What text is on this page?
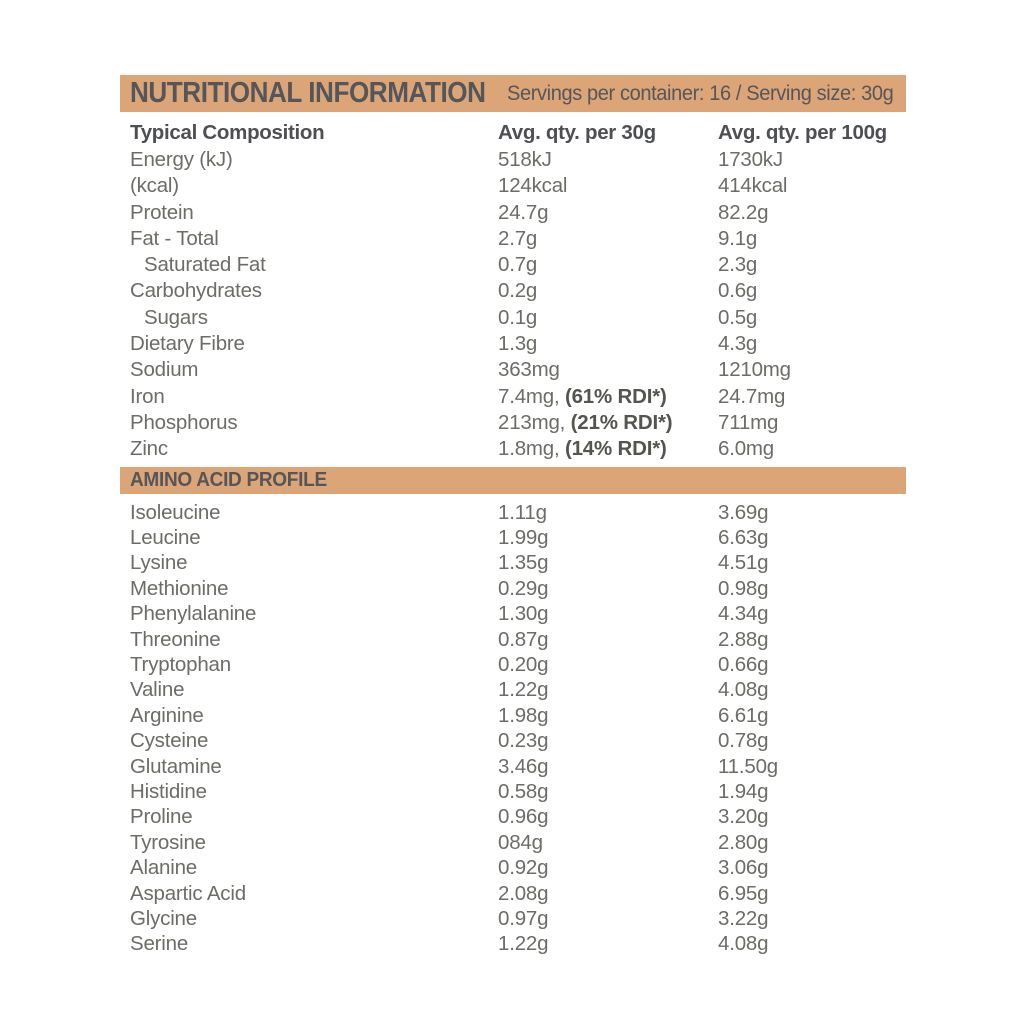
NUTRITIONAL INFORMATION Servings per container: 16 / Serving size: 30g
Typical Composition	Avg. qty. per 30g	Avg. qty. per 100g
Energy (kJ)	518kJ	1730kJ
(kcal)	124kcal	414kcal
Protein	24.7g	82.2g
Fat - Total	2.7g	9.1g
Saturated Fat	0.7g	2.3g
Carbohydrates	0.2g	0.6g
Sugars	0.1g	0.5g
Dietary Fibre	1.3g	4.3g
Sodium	363mg	1210mg
Iron	7.4mg, (61% RDI*)	24.7mg
Phosphorus	213mg, (21% RDI*)	711mg
Zinc	1.8mg, (14% RDI*)	6.0mg
AMINO ACID PROFILE
Isoleucine	1.11g	3.69g
Leucine	1.99g	6.63g
Lysine	1.35g	4.51g
Methionine	0.29g	0.98g
Phenylalanine	1.30g	4.34g
Threonine	0.87g	2.88g
Tryptophan	0.20g	0.66g
Valine	1.22g	4.08g
Arginine	1.98g	6.61g
Cysteine	0.23g	0.78g
Glutamine	3.46g	11.50g
Histidine	0.58g	1.94g
Proline	0.96g	3.20g
Tyrosine	084g	2.80g
Alanine	0.92g	3.06g
Aspartic Acid	2.08g	6.95g
Glycine	0.97g	3.22g
Serine	1.22g	4.08g
